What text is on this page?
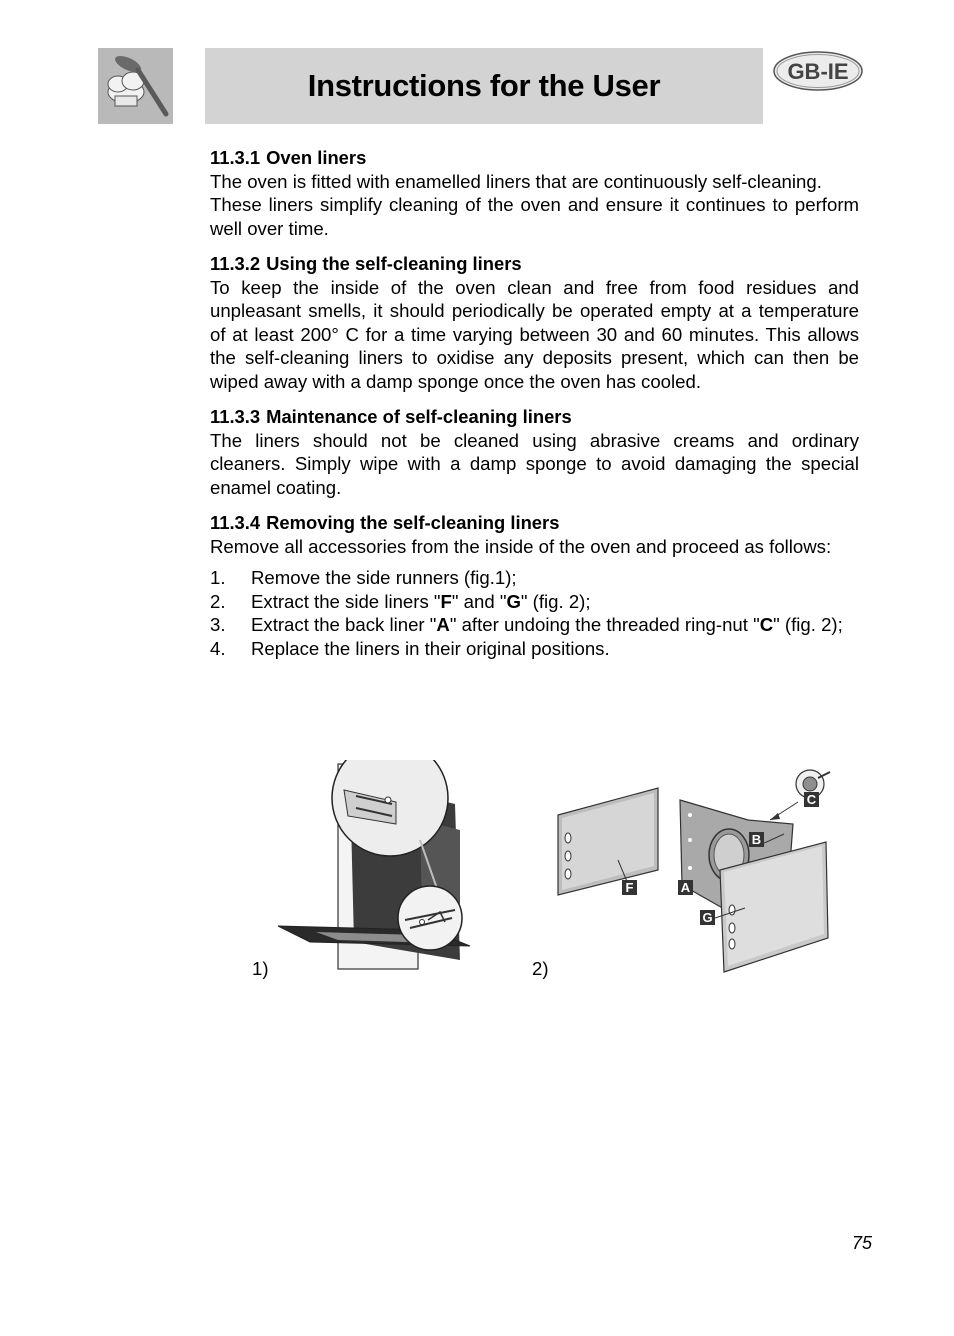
Instructions for the User	GB-IE
11.3.1 Oven liners
The oven is fitted with enamelled liners that are continuously self-cleaning.
These liners simplify cleaning of the oven and ensure it continues to perform well over time.
11.3.2 Using the self-cleaning liners
To keep the inside of the oven clean and free from food residues and unpleasant smells, it should periodically be operated empty at a temperature of at least 200° C for a time varying between 30 and 60 minutes. This allows the self-cleaning liners to oxidise any deposits present, which can then be wiped away with a damp sponge once the oven has cooled.
11.3.3 Maintenance of self-cleaning liners
The liners should not be cleaned using abrasive creams and ordinary cleaners. Simply wipe with a damp sponge to avoid damaging the special enamel coating.
11.3.4 Removing the self-cleaning liners
Remove all accessories from the inside of the oven and proceed as follows:
1.	Remove the side runners (fig.1);
2.	Extract the side liners "F" and "G" (fig. 2);
3.	Extract the back liner "A" after undoing the threaded ring-nut "C" (fig. 2);
4.	Replace the liners in their original positions.
C
B
F	A
G
1)	2)
75
